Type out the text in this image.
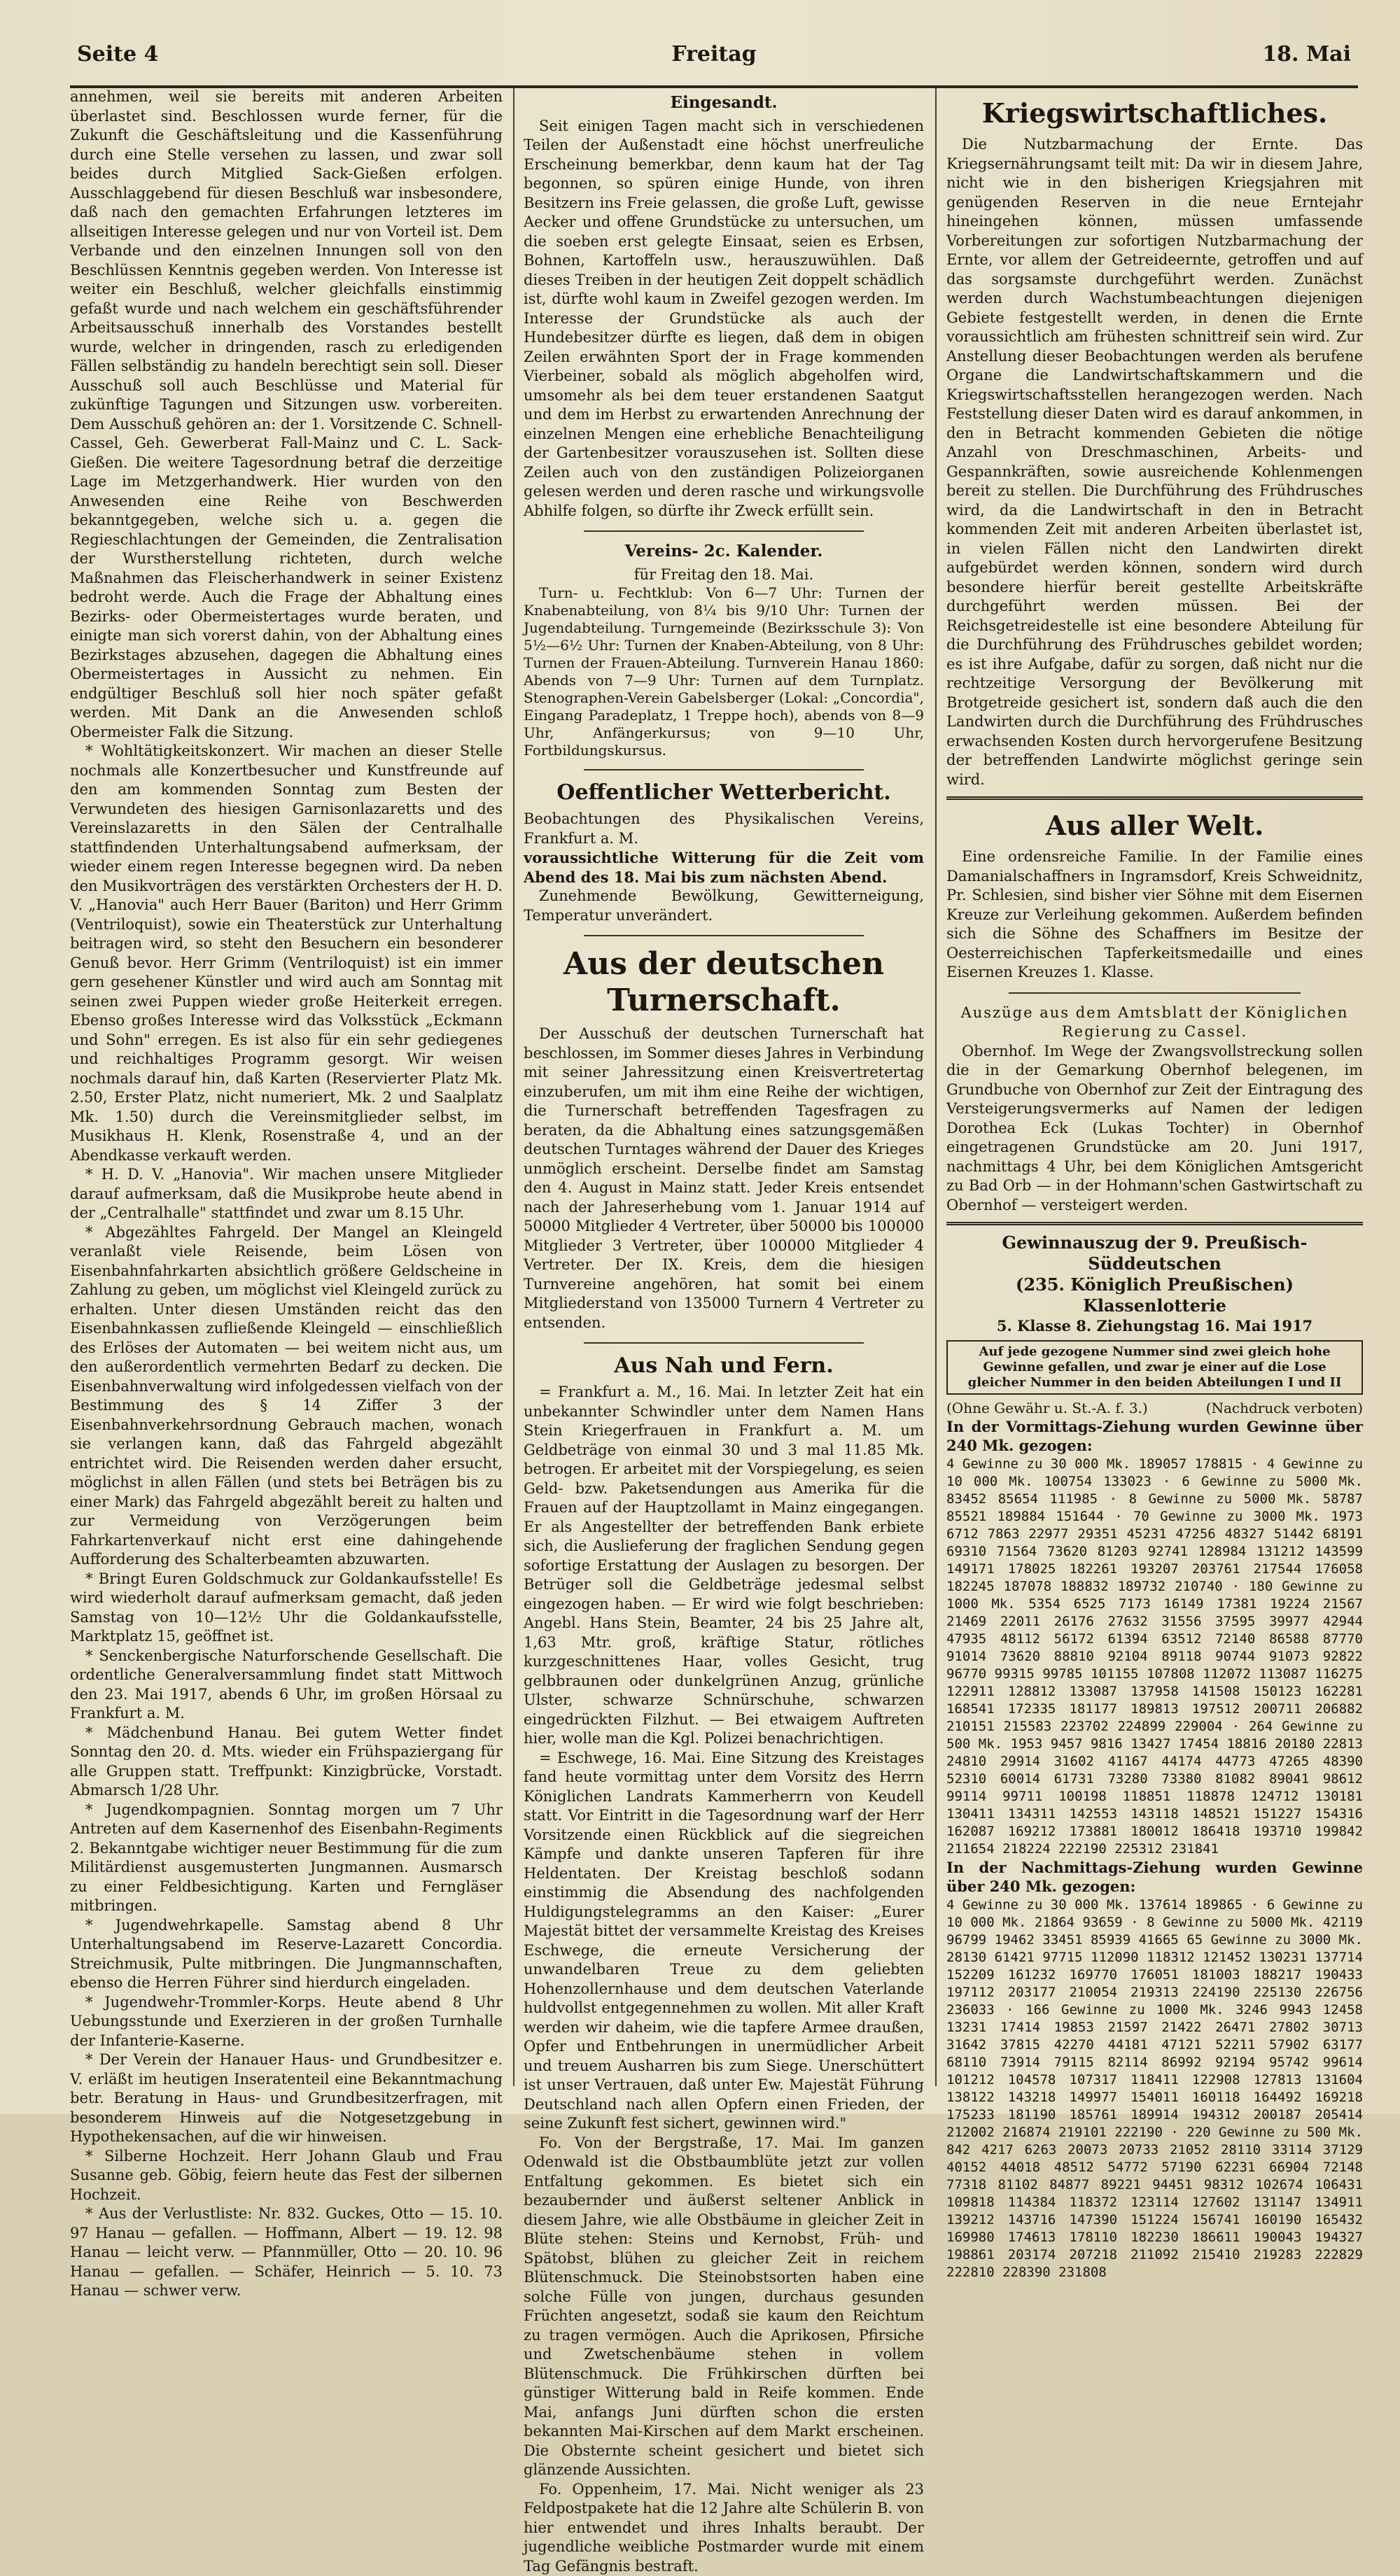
Seite 4	Freitag	18. Mai

annehmen, weil sie bereits mit anderen Arbeiten überlastet sind. Beschlossen wurde ferner, für die Zukunft die Geschäftsleitung und die Kassenführung durch eine Stelle versehen zu lassen, und zwar soll beides durch Mitglied Sack-Gießen erfolgen. Ausschlaggebend für diesen Beschluß war insbesondere, daß nach den gemachten Erfahrungen letzteres im allseitigen Interesse gelegen und nur von Vorteil ist. Dem Verbande und den einzelnen Innungen soll von den Beschlüssen Kenntnis gegeben werden. Von Interesse ist weiter ein Beschluß, welcher gleichfalls einstimmig gefaßt wurde und nach welchem ein geschäftsführender Arbeitsausschuß innerhalb des Vorstandes bestellt wurde, welcher in dringenden, rasch zu erledigenden Fällen selbständig zu handeln berechtigt sein soll. Dieser Ausschuß soll auch Beschlüsse und Material für zukünftige Tagungen und Sitzungen usw. vorbereiten. Dem Ausschuß gehören an: der 1. Vorsitzende C. Schnell-Cassel, Geh. Gewerberat Fall-Mainz und C. L. Sack-Gießen. Die weitere Tagesordnung betraf die derzeitige Lage im Metzgerhandwerk. Hier wurden von den Anwesenden eine Reihe von Beschwerden bekanntgegeben, welche sich u. a. gegen die Regieschlachtungen der Gemeinden, die Zentralisation der Wurstherstellung richteten, durch welche Maßnahmen das Fleischerhandwerk in seiner Existenz bedroht werde. Auch die Frage der Abhaltung eines Bezirks- oder Obermeistertages wurde beraten, und einigte man sich vorerst dahin, von der Abhaltung eines Bezirkstages abzusehen, dagegen die Abhaltung eines Obermeistertages in Aussicht zu nehmen. Ein endgültiger Beschluß soll hier noch später gefaßt werden. Mit Dank an die Anwesenden schloß Obermeister Falk die Sitzung.

* Wohltätigkeitskonzert. Wir machen an dieser Stelle nochmals alle Konzertbesucher und Kunstfreunde auf den am kommenden Sonntag zum Besten der Verwundeten des hiesigen Garnisonlazaretts und des Vereinslazaretts in den Sälen der Centralhalle stattfindenden Unterhaltungsabend aufmerksam, der wieder einem regen Interesse begegnen wird. Da neben den Musikvorträgen des verstärkten Orchesters der H. D. V. „Hanovia" auch Herr Bauer (Bariton) und Herr Grimm (Ventriloquist), sowie ein Theaterstück zur Unterhaltung beitragen wird, so steht den Besuchern ein besonderer Genuß bevor. Herr Grimm (Ventriloquist) ist ein immer gern gesehener Künstler und wird auch am Sonntag mit seinen zwei Puppen wieder große Heiterkeit erregen. Ebenso großes Interesse wird das Volksstück „Eckmann und Sohn" erregen. Es ist also für ein sehr gediegenes und reichhaltiges Programm gesorgt. Wir weisen nochmals darauf hin, daß Karten (Reservierter Platz Mk. 2.50, Erster Platz, nicht numeriert, Mk. 2 und Saalplatz Mk. 1.50) durch die Vereinsmitglieder selbst, im Musikhaus H. Klenk, Rosenstraße 4, und an der Abendkasse verkauft werden.

* H. D. V. „Hanovia". Wir machen unsere Mitglieder darauf aufmerksam, daß die Musikprobe heute abend in der „Centralhalle" stattfindet und zwar um 8.15 Uhr.

* Abgezähltes Fahrgeld. Der Mangel an Kleingeld veranlaßt viele Reisende, beim Lösen von Eisenbahnfahrkarten absichtlich größere Geldscheine in Zahlung zu geben, um möglichst viel Kleingeld zurück zu erhalten. Unter diesen Umständen reicht das den Eisenbahnkassen zufließende Kleingeld — einschließlich des Erlöses der Automaten — bei weitem nicht aus, um den außerordentlich vermehrten Bedarf zu decken. Die Eisenbahnverwaltung wird infolgedessen vielfach von der Bestimmung des § 14 Ziffer 3 der Eisenbahnverkehrsordnung Gebrauch machen, wonach sie verlangen kann, daß das Fahrgeld abgezählt entrichtet wird. Die Reisenden werden daher ersucht, möglichst in allen Fällen (und stets bei Beträgen bis zu einer Mark) das Fahrgeld abgezählt bereit zu halten und zur Vermeidung von Verzögerungen beim Fahrkartenverkauf nicht erst eine dahingehende Aufforderung des Schalterbeamten abzuwarten.

* Bringt Euren Goldschmuck zur Goldankaufsstelle! Es wird wiederholt darauf aufmerksam gemacht, daß jeden Samstag von 10—12½ Uhr die Goldankaufsstelle, Marktplatz 15, geöffnet ist.

* Senckenbergische Naturforschende Gesellschaft. Die ordentliche Generalversammlung findet statt Mittwoch den 23. Mai 1917, abends 6 Uhr, im großen Hörsaal zu Frankfurt a. M.

* Mädchenbund Hanau. Bei gutem Wetter findet Sonntag den 20. d. Mts. wieder ein Frühspaziergang für alle Gruppen statt. Treffpunkt: Kinzigbrücke, Vorstadt. Abmarsch 1/28 Uhr.

* Jugendkompagnien. Sonntag morgen um 7 Uhr Antreten auf dem Kasernenhof des Eisenbahn-Regiments 2. Bekanntgabe wichtiger neuer Bestimmung für die zum Militärdienst ausgemusterten Jungmannen. Ausmarsch zu einer Feldbesichtigung. Karten und Ferngläser mitbringen.

* Jugendwehrkapelle. Samstag abend 8 Uhr Unterhaltungsabend im Reserve-Lazarett Concordia. Streichmusik, Pulte mitbringen. Die Jungmannschaften, ebenso die Herren Führer sind hierdurch eingeladen.

* Jugendwehr-Trommler-Korps. Heute abend 8 Uhr Uebungsstunde und Exerzieren in der großen Turnhalle der Infanterie-Kaserne.

* Der Verein der Hanauer Haus- und Grundbesitzer e. V. erläßt im heutigen Inseratenteil eine Bekanntmachung betr. Beratung in Haus- und Grundbesitzerfragen, mit besonderem Hinweis auf die Notgesetzgebung in Hypothekensachen, auf die wir hinweisen.

* Silberne Hochzeit. Herr Johann Glaub und Frau Susanne geb. Göbig, feiern heute das Fest der silbernen Hochzeit.

* Aus der Verlustliste: Nr. 832. Guckes, Otto — 15. 10. 97 Hanau — gefallen. — Hoffmann, Albert — 19. 12. 98 Hanau — leicht verw. — Pfannmüller, Otto — 20. 10. 96 Hanau — gefallen. — Schäfer, Heinrich — 5. 10. 73 Hanau — schwer verw.

Eingesandt.

Seit einigen Tagen macht sich in verschiedenen Teilen der Außenstadt eine höchst unerfreuliche Erscheinung bemerkbar, denn kaum hat der Tag begonnen, so spüren einige Hunde, von ihren Besitzern ins Freie gelassen, die große Luft, gewisse Aecker und offene Grundstücke zu untersuchen, um die soeben erst gelegte Einsaat, seien es Erbsen, Bohnen, Kartoffeln usw., herauszuwühlen. Daß dieses Treiben in der heutigen Zeit doppelt schädlich ist, dürfte wohl kaum in Zweifel gezogen werden. Im Interesse der Grundstücke als auch der Hundebesitzer dürfte es liegen, daß dem in obigen Zeilen erwähnten Sport der in Frage kommenden Vierbeiner, sobald als möglich abgeholfen wird, umsomehr als bei dem teuer erstandenen Saatgut und dem im Herbst zu erwartenden Anrechnung der einzelnen Mengen eine erhebliche Benachteiligung der Gartenbesitzer vorauszusehen ist. Sollten diese Zeilen auch von den zuständigen Polizeiorganen gelesen werden und deren rasche und wirkungsvolle Abhilfe folgen, so dürfte ihr Zweck erfüllt sein.

Vereins- 2c. Kalender.
für Freitag den 18. Mai.

Turn- u. Fechtklub: Von 6—7 Uhr: Turnen der Knabenabteilung, von 8¼ bis 9/10 Uhr: Turnen der Jugendabteilung. Turngemeinde (Bezirksschule 3): Von 5½—6½ Uhr: Turnen der Knaben-Abteilung, von 8 Uhr: Turnen der Frauen-Abteilung. Turnverein Hanau 1860: Abends von 7—9 Uhr: Turnen auf dem Turnplatz. Stenographen-Verein Gabelsberger (Lokal: „Concordia", Eingang Paradeplatz, 1 Treppe hoch), abends von 8—9 Uhr, Anfängerkursus; von 9—10 Uhr, Fortbildungskursus.

Oeffentlicher Wetterbericht.

Beobachtungen des Physikalischen Vereins, Frankfurt a. M.

voraussichtliche Witterung für die Zeit vom Abend des 18. Mai bis zum nächsten Abend.

Zunehmende Bewölkung, Gewitterneigung, Temperatur unverändert.

Aus der deutschen Turnerschaft.

Der Ausschuß der deutschen Turnerschaft hat beschlossen, im Sommer dieses Jahres in Verbindung mit seiner Jahressitzung einen Kreisvertretertag einzuberufen, um mit ihm eine Reihe der wichtigen, die Turnerschaft betreffenden Tagesfragen zu beraten, da die Abhaltung eines satzungsgemäßen deutschen Turntages während der Dauer des Krieges unmöglich erscheint. Derselbe findet am Samstag den 4. August in Mainz statt. Jeder Kreis entsendet nach der Jahreserhebung vom 1. Januar 1914 auf 50000 Mitglieder 4 Vertreter, über 50000 bis 100000 Mitglieder 3 Vertreter, über 100000 Mitglieder 4 Vertreter. Der IX. Kreis, dem die hiesigen Turnvereine angehören, hat somit bei einem Mitgliederstand von 135000 Turnern 4 Vertreter zu entsenden.

Aus Nah und Fern.

= Frankfurt a. M., 16. Mai. In letzter Zeit hat ein unbekannter Schwindler unter dem Namen Hans Stein Kriegerfrauen in Frankfurt a. M. um Geldbeträge von einmal 30 und 3 mal 11.85 Mk. betrogen. Er arbeitet mit der Vorspiegelung, es seien Geld- bzw. Paketsendungen aus Amerika für die Frauen auf der Hauptzollamt in Mainz eingegangen. Er als Angestellter der betreffenden Bank erbiete sich, die Auslieferung der fraglichen Sendung gegen sofortige Erstattung der Auslagen zu besorgen. Der Betrüger soll die Geldbeträge jedesmal selbst eingezogen haben. — Er wird wie folgt beschrieben: Angebl. Hans Stein, Beamter, 24 bis 25 Jahre alt, 1,63 Mtr. groß, kräftige Statur, rötliches kurzgeschnittenes Haar, volles Gesicht, trug gelbbraunen oder dunkelgrünen Anzug, grünliche Ulster, schwarze Schnürschuhe, schwarzen eingedrückten Filzhut. — Bei etwaigem Auftreten hier, wolle man die Kgl. Polizei benachrichtigen.

= Eschwege, 16. Mai. Eine Sitzung des Kreistages fand heute vormittag unter dem Vorsitz des Herrn Königlichen Landrats Kammerherrn von Keudell statt. Vor Eintritt in die Tagesordnung warf der Herr Vorsitzende einen Rückblick auf die siegreichen Kämpfe und dankte unseren Tapferen für ihre Heldentaten. Der Kreistag beschloß sodann einstimmig die Absendung des nachfolgenden Huldigungstelegramms an den Kaiser: „Eurer Majestät bittet der versammelte Kreistag des Kreises Eschwege, die erneute Versicherung der unwandelbaren Treue zu dem geliebten Hohenzollernhause und dem deutschen Vaterlande huldvollst entgegennehmen zu wollen. Mit aller Kraft werden wir daheim, wie die tapfere Armee draußen, Opfer und Entbehrungen in unermüdlicher Arbeit und treuem Ausharren bis zum Siege. Unerschüttert ist unser Vertrauen, daß unter Ew. Majestät Führung Deutschland nach allen Opfern einen Frieden, der seine Zukunft fest sichert, gewinnen wird."

Fo. Von der Bergstraße, 17. Mai. Im ganzen Odenwald ist die Obstbaumblüte jetzt zur vollen Entfaltung gekommen. Es bietet sich ein bezaubernder und äußerst seltener Anblick in diesem Jahre, wie alle Obstbäume in gleicher Zeit in Blüte stehen: Steins und Kernobst, Früh- und Spätobst, blühen zu gleicher Zeit in reichem Blütenschmuck. Die Steinobstsorten haben eine solche Fülle von jungen, durchaus gesunden Früchten angesetzt, sodaß sie kaum den Reichtum zu tragen vermögen. Auch die Aprikosen, Pfirsiche und Zwetschenbäume stehen in vollem Blütenschmuck. Die Frühkirschen dürften bei günstiger Witterung bald in Reife kommen. Ende Mai, anfangs Juni dürften schon die ersten bekannten Mai-Kirschen auf dem Markt erscheinen. Die Obsternte scheint gesichert und bietet sich glänzende Aussichten.

Fo. Oppenheim, 17. Mai. Nicht weniger als 23 Feldpostpakete hat die 12 Jahre alte Schülerin B. von hier entwendet und ihres Inhalts beraubt. Der jugendliche weibliche Postmarder wurde mit einem Tag Gefängnis bestraft.

Kriegswirtschaftliches.

Die Nutzbarmachung der Ernte. Das Kriegsernährungsamt teilt mit: Da wir in diesem Jahre, nicht wie in den bisherigen Kriegsjahren mit genügenden Reserven in die neue Erntejahr hineingehen können, müssen umfassende Vorbereitungen zur sofortigen Nutzbarmachung der Ernte, vor allem der Getreideernte, getroffen und auf das sorgsamste durchgeführt werden. Zunächst werden durch Wachstumbeachtungen diejenigen Gebiete festgestellt werden, in denen die Ernte voraussichtlich am frühesten schnittreif sein wird. Zur Anstellung dieser Beobachtungen werden als berufene Organe die Landwirtschaftskammern und die Kriegswirtschaftsstellen herangezogen werden. Nach Feststellung dieser Daten wird es darauf ankommen, in den in Betracht kommenden Gebieten die nötige Anzahl von Dreschmaschinen, Arbeits- und Gespannkräften, sowie ausreichende Kohlenmengen bereit zu stellen. Die Durchführung des Frühdrusches wird, da die Landwirtschaft in den in Betracht kommenden Zeit mit anderen Arbeiten überlastet ist, in vielen Fällen nicht den Landwirten direkt aufgebürdet werden können, sondern wird durch besondere hierfür bereit gestellte Arbeitskräfte durchgeführt werden müssen. Bei der Reichsgetreidestelle ist eine besondere Abteilung für die Durchführung des Frühdrusches gebildet worden; es ist ihre Aufgabe, dafür zu sorgen, daß nicht nur die rechtzeitige Versorgung der Bevölkerung mit Brotgetreide gesichert ist, sondern daß auch die den Landwirten durch die Durchführung des Frühdrusches erwachsenden Kosten durch hervorgerufene Besitzung der betreffenden Landwirte möglichst geringe sein wird.

Aus aller Welt.

Eine ordensreiche Familie. In der Familie eines Damanialschaffners in Ingramsdorf, Kreis Schweidnitz, Pr. Schlesien, sind bisher vier Söhne mit dem Eisernen Kreuze zur Verleihung gekommen. Außerdem befinden sich die Söhne des Schaffners im Besitze der Oesterreichischen Tapferkeitsmedaille und eines Eisernen Kreuzes 1. Klasse.

Auszüge aus dem Amtsblatt der Königlichen Regierung zu Cassel.

Obernhof. Im Wege der Zwangsvollstreckung sollen die in der Gemarkung Obernhof belegenen, im Grundbuche von Obernhof zur Zeit der Eintragung des Versteigerungsvermerks auf Namen der ledigen Dorothea Eck (Lukas Tochter) in Obernhof eingetragenen Grundstücke am 20. Juni 1917, nachmittags 4 Uhr, bei dem Königlichen Amtsgericht zu Bad Orb — in der Hohmann'schen Gastwirtschaft zu Obernhof — versteigert werden.

Gewinnauszug der 9. Preußisch-Süddeutschen
(235. Königlich Preußischen) Klassenlotterie
5. Klasse 8. Ziehungstag 16. Mai 1917
Auf jede gezogene Nummer sind zwei gleich hohe Gewinne gefallen, und zwar je einer auf die Lose gleicher Nummer in den beiden Abteilungen I und II
(Ohne Gewähr u. St.-A. f. 3.)	(Nachdruck verboten)

In der Vormittags-Ziehung wurden Gewinne über 240 Mk. gezogen:

4 Gewinne zu 30 000 Mk. 189057 178815 · 4 Gewinne zu 10 000 Mk. 100754 133023 · 6 Gewinne zu 5000 Mk. 83452 85654 111985 · 8 Gewinne zu 5000 Mk. 58787 85521 189884 151644 · 70 Gewinne zu 3000 Mk. 1973 6712 7863 22977 29351 45231 47256 48327 51442 68191 69310 71564 73620 81203 92741 128984 131212 143599 149171 178025 182261 193207 203761 217544 176058 182245 187078 188832 189732 210740 · 180 Gewinne zu 1000 Mk. 5354 6525 7173 16149 17381 19224 21567 21469 22011 26176 27632 31556 37595 39977 42944 47935 48112 56172 61394 63512 72140 86588 87770 91014 73620 88810 92104 89118 90744 91073 92822 96770 99315 99785 101155 107808 112072 113087 116275 122911 128812 133087 137958 141508 150123 162281 168541 172335 181177 189813 197512 200711 206882 210151 215583 223702 224899 229004 · 264 Gewinne zu 500 Mk. 1953 9457 9816 13427 17454 18816 20180 22813 24810 29914 31602 41167 44174 44773 47265 48390 52310 60014 61731 73280 73380 81082 89041 98612 99114 99711 100198 118851 118878 124712 130181 130411 134311 142553 143118 148521 151227 154316 162087 169212 173881 180012 186418 193710 199842 211654 218224 222190 225312 231841

In der Nachmittags-Ziehung wurden Gewinne über 240 Mk. gezogen:

4 Gewinne zu 30 000 Mk. 137614 189865 · 6 Gewinne zu 10 000 Mk. 21864 93659 · 8 Gewinne zu 5000 Mk. 42119 96799 19462 33451 85939 41665 65 Gewinne zu 3000 Mk. 28130 61421 97715 112090 118312 121452 130231 137714 152209 161232 169770 176051 181003 188217 190433 197112 203177 210054 219313 224190 225130 226756 236033 · 166 Gewinne zu 1000 Mk. 3246 9943 12458 13231 17414 19853 21597 21422 26471 27802 30713 31642 37815 42270 44181 47121 52211 57902 63177 68110 73914 79115 82114 86992 92194 95742 99614 101212 104578 107317 118411 122908 127813 131604 138122 143218 149977 154011 160118 164492 169218 175233 181190 185761 189914 194312 200187 205414 212002 216874 219101 222190 · 220 Gewinne zu 500 Mk. 842 4217 6263 20073 20733 21052 28110 33114 37129 40152 44018 48512 54772 57190 62231 66904 72148 77318 81102 84877 89221 94451 98312 102674 106431 109818 114384 118372 123114 127602 131147 134911 139212 143716 147390 151224 156741 160190 165432 169980 174613 178110 182230 186611 190043 194327 198861 203174 207218 211092 215410 219283 222829 222810 228390 231808
